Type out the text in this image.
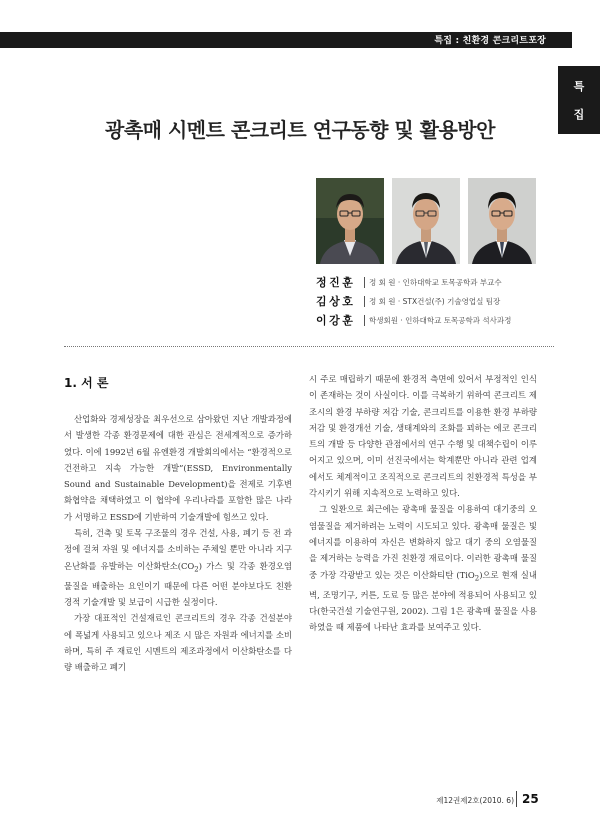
특집 : 친환경 콘크리트포장
특
집
광촉매 시멘트 콘크리트 연구동향 및 활용방안
정진훈 정 회 원 · 인하대학교 토목공학과 부교수
김상호 정 회 원 · STX건설(주) 기술영업실 팀장
이강훈 학생회원 · 인하대학교 토목공학과 석사과정
1. 서 론

산업화와 경제성장을 최우선으로 삼아왔던 지난 개발과정에서 발생한 각종 환경문제에 대한 관심은 전세계적으로 증가하였다. 이에 1992년 6월 유엔환경 개발회의에서는 “환경적으로 건전하고 지속 가능한 개발”(ESSD, Environmentally Sound and Sustainable Development)을 전제로 기후변화협약을 채택하였고 이 협약에 우리나라를 포함한 많은 나라가 서명하고 ESSD에 기반하여 기술개발에 힘쓰고 있다.

특히, 건축 및 토목 구조물의 경우 건설, 사용, 폐기 등 전 과정에 걸쳐 자원 및 에너지를 소비하는 주체일 뿐만 아니라 지구온난화를 유발하는 이산화탄소$(CO_2)$ 가스 및 각종 환경오염 물질을 배출하는 요인이기 때문에 다른 어떤 분야보다도 친환경적 기술개발 및 보급이 시급한 실정이다.

가장 대표적인 건설재료인 콘크리트의 경우 각종 건설분야에 폭넓게 사용되고 있으나 제조 시 많은 자원과 에너지를 소비하며, 특히 주 재료인 시멘트의 제조과정에서 이산화탄소를 다량 배출하고 폐기

시 주로 매립하기 때문에 환경적 측면에 있어서 부정적인 인식이 존재하는 것이 사실이다. 이를 극복하기 위하여 콘크리트 제조시의 환경 부하량 저감 기술, 콘크리트를 이용한 환경 부하량 저감 및 환경개선 기술, 생태계와의 조화를 꾀하는 에코 콘크리트의 개발 등 다양한 관점에서의 연구 수행 및 대책수립이 이루어지고 있으며, 이미 선진국에서는 학계뿐만 아니라 관련 업계에서도 체계적이고 조직적으로 콘크리트의 친환경적 특성을 부각시키기 위해 지속적으로 노력하고 있다.

그 일환으로 최근에는 광촉매 물질을 이용하여 대기중의 오염물질을 제거하려는 노력이 시도되고 있다. 광촉매 물질은 빛 에너지를 이용하여 자신은 변화하지 않고 대기 중의 오염물질을 제거하는 능력을 가진 친환경 재료이다. 이러한 광촉매 물질 중 가장 각광받고 있는 것은 이산화티탄 (TiO$_2$)으로 현재 실내 벽, 조명기구, 커튼, 도료 등 많은 분야에 적용되어 사용되고 있다(한국건설 기술연구원, 2002). 그림 1은 광촉매 물질을 사용하였을 때 제품에 나타난 효과를 보여주고 있다.

제12권제2호(2010. 6) 25
